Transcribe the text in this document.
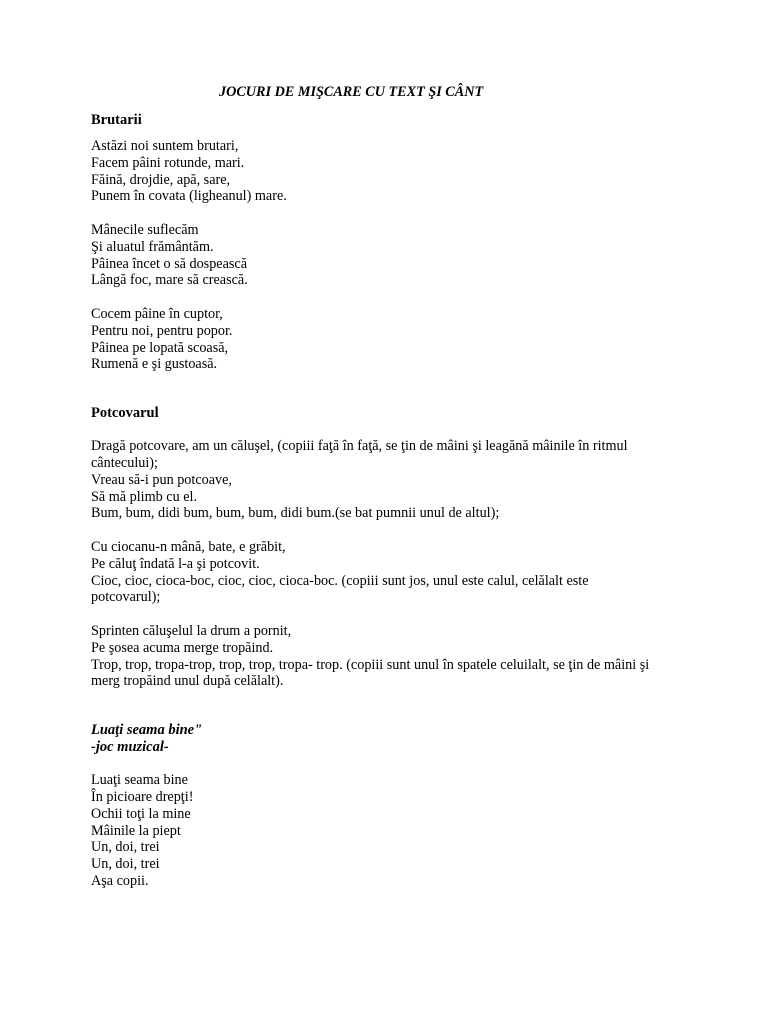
JOCURI DE MIŞCARE CU TEXT ŞI CÂNT

Brutarii

Astăzi noi suntem brutari,

Facem pâini rotunde, mari.

Făină, drojdie, apă, sare,

Punem în covata (ligheanul) mare.

Mânecile suflecăm

Şi aluatul frământăm.

Pâinea încet o să dospească

Lângă foc, mare să crească.

Cocem pâine în cuptor,

Pentru noi, pentru popor.

Pâinea pe lopată scoasă,

Rumenă e şi gustoasă.

Potcovarul

Dragă potcovare, am un căluşel, (copiii faţă în faţă, se ţin de mâini şi leagănă mâinile în ritmul cântecului);

Vreau să-i pun potcoave,

Să mă plimb cu el.

Bum, bum, didi bum, bum, bum, didi bum.(se bat pumnii unul de altul);

Cu ciocanu-n mână, bate, e grăbit,

Pe căluţ îndată l-a şi potcovit.

Cioc, cioc, cioca-boc, cioc, cioc, cioca-boc. (copiii sunt jos, unul este calul, celălalt este potcovarul);

Sprinten căluşelul la drum a pornit,

Pe şosea acuma merge tropăind.

Trop, trop, tropa-trop, trop, trop, tropa- trop. (copiii sunt unul în spatele celuilalt, se ţin de mâini şi merg tropăind unul după celălalt).

Luaţi seama bine"

-joc muzical-

Luaţi seama bine

În picioare drepţi!

Ochii toţi la mine

Mâinile la piept

Un, doi, trei

Un, doi, trei

Aşa copii.
